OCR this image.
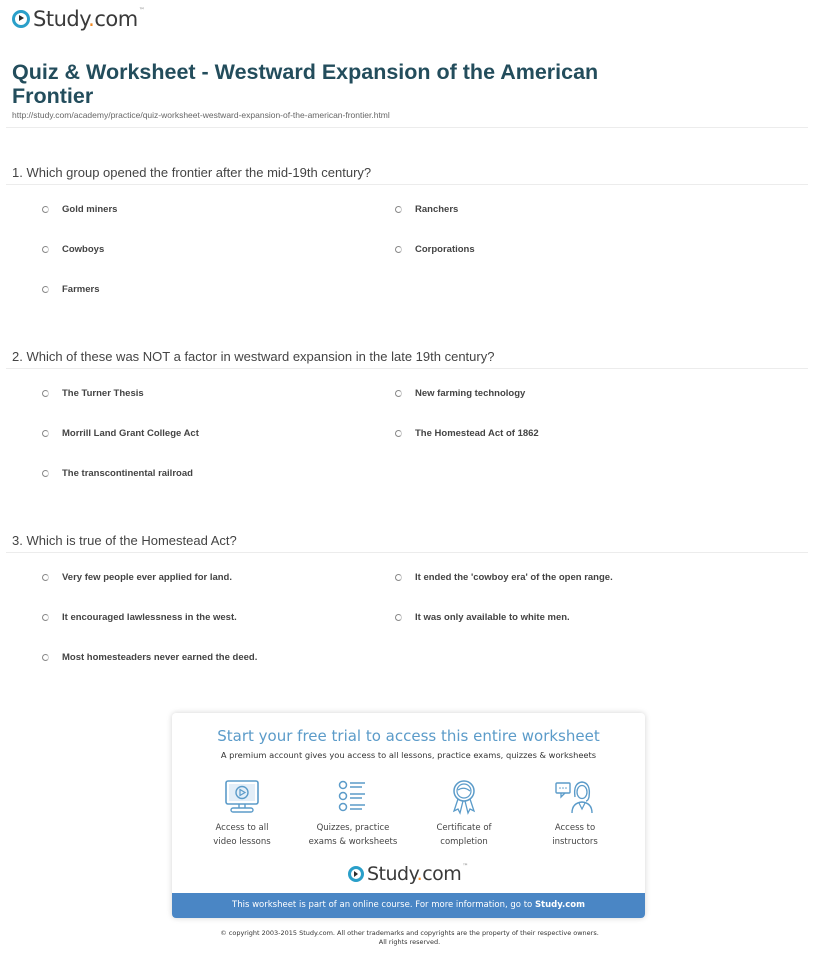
Study.com™
Quiz & Worksheet - Westward Expansion of the American Frontier
http://study.com/academy/practice/quiz-worksheet-westward-expansion-of-the-american-frontier.html
1. Which group opened the frontier after the mid-19th century?
Gold miners	Ranchers
Cowboys	Corporations
Farmers
2. Which of these was NOT a factor in westward expansion in the late 19th century?
The Turner Thesis	New farming technology
Morrill Land Grant College Act	The Homestead Act of 1862
The transcontinental railroad
3. Which is true of the Homestead Act?
Very few people ever applied for land.	It ended the 'cowboy era' of the open range.
It encouraged lawlessness in the west.	It was only available to white men.
Most homesteaders never earned the deed.
Start your free trial to access this entire worksheet
A premium account gives you access to all lessons, practice exams, quizzes & worksheets
Access to all
video lessons
Quizzes, practice
exams & worksheets
Certificate of
completion
Access to
instructors
Study.com™
This worksheet is part of an online course. For more information, go to Study.com
© copyright 2003-2015 Study.com. All other trademarks and copyrights are the property of their respective owners.
All rights reserved.
